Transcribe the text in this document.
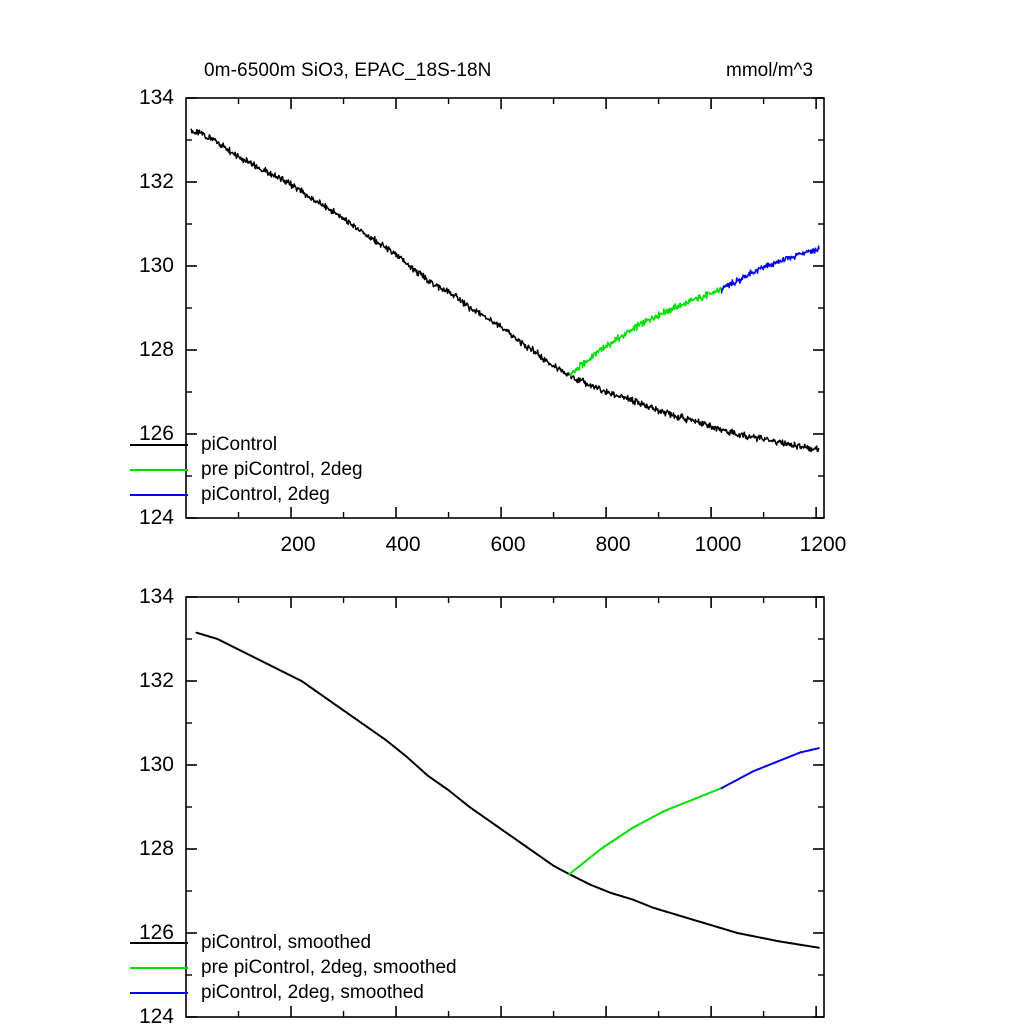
0m-6500m SiO3, EPAC_18S-18N	mmol/m^3
134
132
130
128
126
124
200	400	600	800	1000	1200
piControl
pre piControl, 2deg
piControl, 2deg
134
132
130
128
126
124
piControl, smoothed
pre piControl, 2deg, smoothed
piControl, 2deg, smoothed
